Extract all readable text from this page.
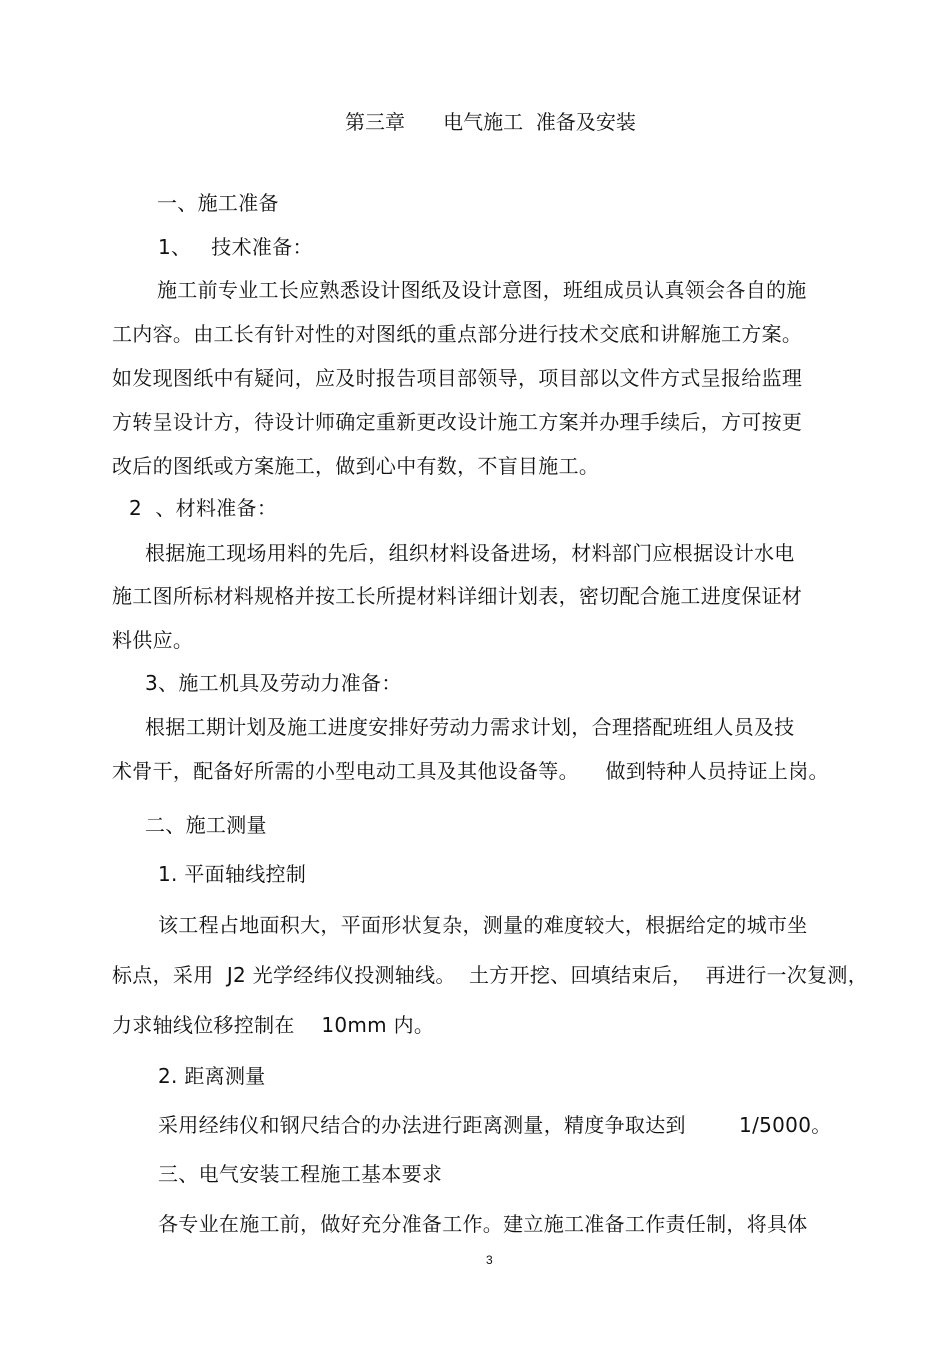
第三章      电气施工  准备及安装
一、施工准备
1、   技术准备：
施工前专业工长应熟悉设计图纸及设计意图，班组成员认真领会各自的施
工内容。由工长有针对性的对图纸的重点部分进行技术交底和讲解施工方案。
如发现图纸中有疑问，应及时报告项目部领导，项目部以文件方式呈报给监理
方转呈设计方，待设计师确定重新更改设计施工方案并办理手续后，方可按更
改后的图纸或方案施工，做到心中有数，不盲目施工。
2  、材料准备：
根据施工现场用料的先后，组织材料设备进场，材料部门应根据设计水电
施工图所标材料规格并按工长所提材料详细计划表，密切配合施工进度保证材
料供应。
3、施工机具及劳动力准备：
根据工期计划及施工进度安排好劳动力需求计划，合理搭配班组人员及技
术骨干，配备好所需的小型电动工具及其他设备等。    做到特种人员持证上岗。
二、施工测量
1. 平面轴线控制
该工程占地面积大，平面形状复杂，测量的难度较大，根据给定的城市坐
标点，采用  J2 光学经纬仪投测轴线。  土方开挖、回填结束后，  再进行一次复测，
力求轴线位移控制在    10mm 内。
2. 距离测量
采用经纬仪和钢尺结合的办法进行距离测量，精度争取达到        1/5000。
三、电气安装工程施工基本要求
各专业在施工前，做好充分准备工作。建立施工准备工作责任制，将具体
3
